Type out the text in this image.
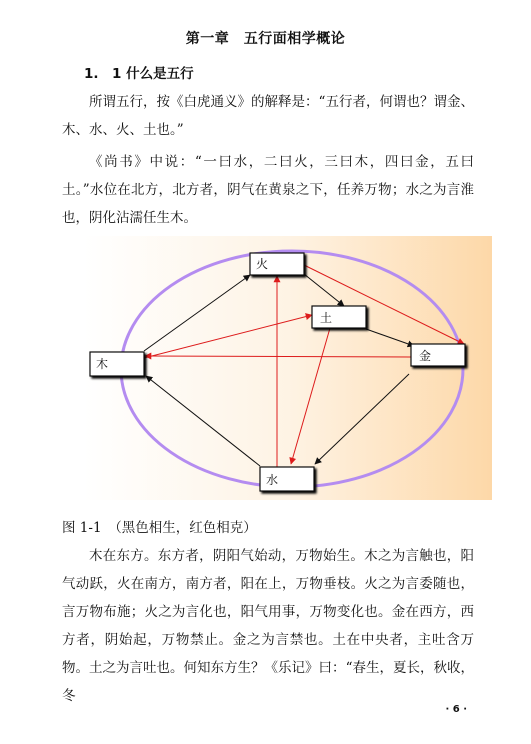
第一章　五行面相学概论
1.　1 什么是五行

所谓五行，按《白虎通义》的解释是：“五行者，何谓也？谓金、木、水、火、土也。”

《尚书》中说：“一曰水，二曰火，三曰木，四曰金，五曰土。”水位在北方，北方者，阴气在黄泉之下，任养万物；水之为言淮也，阴化沾濡任生木。

火
土
木
金
水
图 1-1　（黑色相生，红色相克）

木在东方。东方者，阴阳气始动，万物始生。木之为言触也，阳气动跃，火在南方，南方者，阳在上，万物垂枝。火之为言委随也，言万物布施；火之为言化也，阳气用事，万物变化也。金在西方，西方者，阴始起，万物禁止。金之为言禁也。土在中央者，主吐含万物。土之为言吐也。何知东方生？《乐记》曰：“春生，夏长，秋收，冬

· 6 ·
